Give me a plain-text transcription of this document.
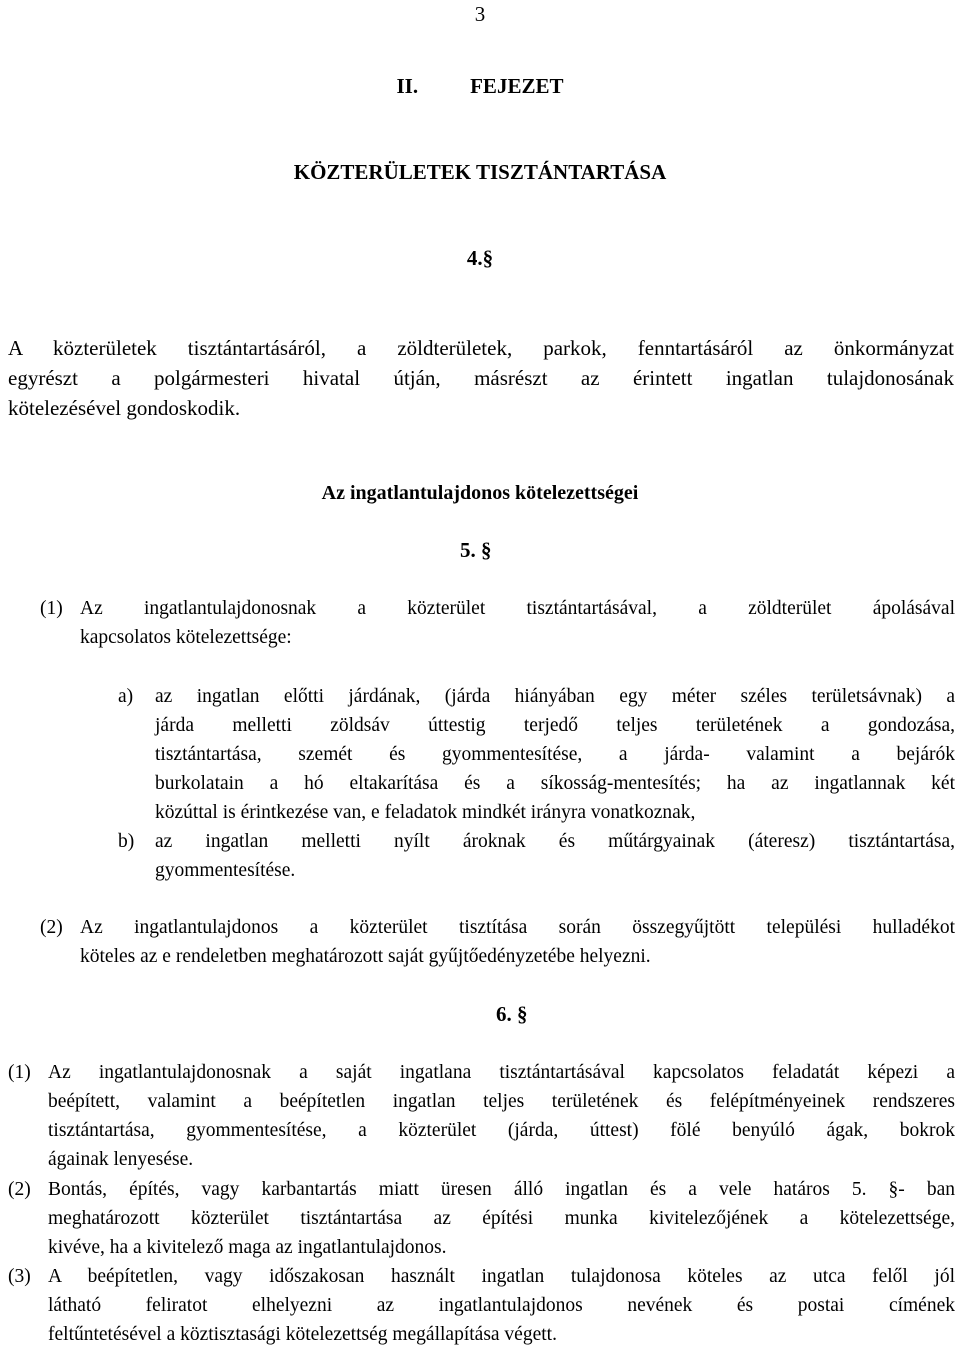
3
II. FEJEZET
KÖZTERÜLETEK TISZTÁNTARTÁSA
4.§
A közterületek tisztántartásáról, a zöldterületek, parkok, fenntartásáról az önkormányzat
egyrészt a polgármesteri hivatal útján, másrészt az érintett ingatlan tulajdonosának
kötelezésével gondoskodik.
Az ingatlantulajdonos kötelezettségei
5. §
(1) Az ingatlantulajdonosnak a közterület tisztántartásával, a zöldterület ápolásával
kapcsolatos kötelezettsége:
a) az ingatlan előtti járdának, (járda hiányában egy méter széles területsávnak) a
járda melletti zöldsáv úttestig terjedő teljes területének a gondozása,
tisztántartása, szemét és gyommentesítése, a járda- valamint a bejárók
burkolatain a hó eltakarítása és a síkosság-mentesítés; ha az ingatlannak két
közúttal is érintkezése van, e feladatok mindkét irányra vonatkoznak,
b) az ingatlan melletti nyílt ároknak és műtárgyainak (áteresz) tisztántartása,
gyommentesítése.
(2) Az ingatlantulajdonos a közterület tisztítása során összegyűjtött települési hulladékot
köteles az e rendeletben meghatározott saját gyűjtőedényzetébe helyezni.
6. §
(1) Az ingatlantulajdonosnak a saját ingatlana tisztántartásával kapcsolatos feladatát képezi a
beépített, valamint a beépítetlen ingatlan teljes területének és felépítményeinek rendszeres
tisztántartása, gyommentesítése, a közterület (járda, úttest) fölé benyúló ágak, bokrok
ágainak lenyesése.
(2) Bontás, építés, vagy karbantartás miatt üresen álló ingatlan és a vele határos 5. §- ban
meghatározott közterület tisztántartása az építési munka kivitelezőjének a kötelezettsége,
kivéve, ha a kivitelező maga az ingatlantulajdonos.
(3) A beépítetlen, vagy időszakosan használt ingatlan tulajdonosa köteles az utca felől jól
látható feliratot elhelyezni az ingatlantulajdonos nevének és postai címének
feltűntetésével a köztisztasági kötelezettség megállapítása végett.
